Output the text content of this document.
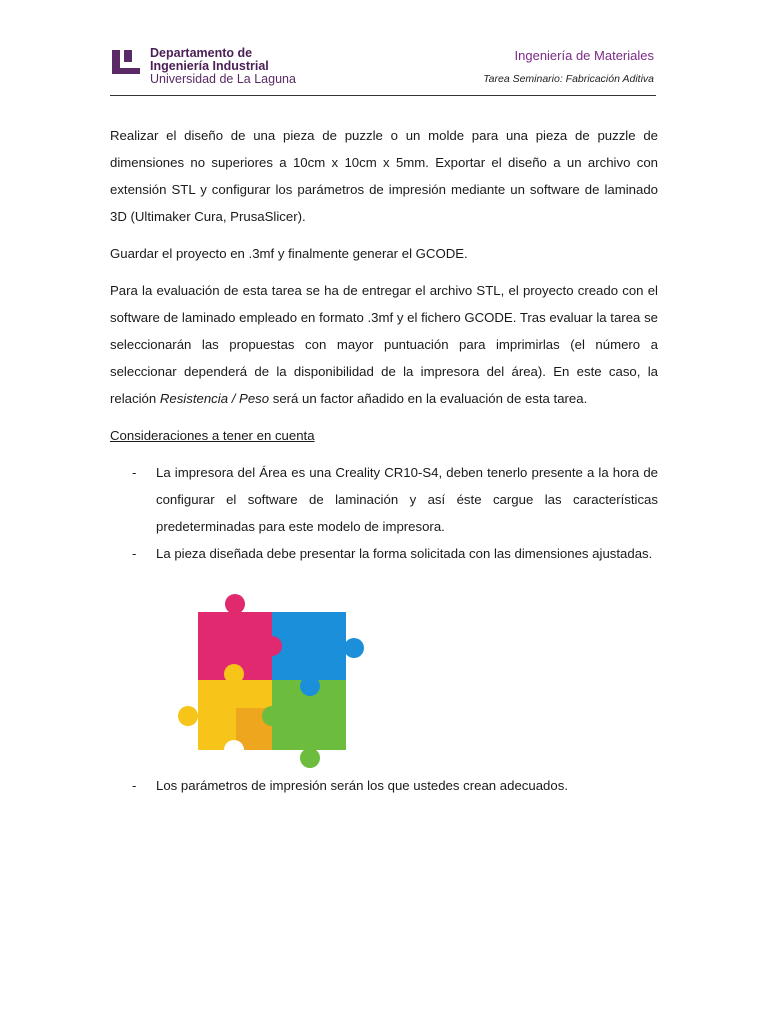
Departamento de
Ingeniería Industrial
Universidad de La Laguna
Ingeniería de Materiales
Tarea Seminario: Fabricación Aditiva

Realizar el diseño de una pieza de puzzle o un molde para una pieza de puzzle de dimensiones no superiores a 10cm x 10cm x 5mm. Exportar el diseño a un archivo con extensión STL y configurar los parámetros de impresión mediante un software de laminado 3D (Ultimaker Cura, PrusaSlicer).

Guardar el proyecto en .3mf y finalmente generar el GCODE.

Para la evaluación de esta tarea se ha de entregar el archivo STL, el proyecto creado con el software de laminado empleado en formato .3mf y el fichero GCODE. Tras evaluar la tarea se seleccionarán las propuestas con mayor puntuación para imprimirlas (el número a seleccionar dependerá de la disponibilidad de la impresora del área). En este caso, la relación Resistencia / Peso será un factor añadido en la evaluación de esta tarea.

Consideraciones a tener en cuenta

- La impresora del Área es una Creality CR10-S4, deben tenerlo presente a la hora de configurar el software de laminación y así éste cargue las características predeterminadas para este modelo de impresora.
- La pieza diseñada debe presentar la forma solicitada con las dimensiones ajustadas.
- Los parámetros de impresión serán los que ustedes crean adecuados.
